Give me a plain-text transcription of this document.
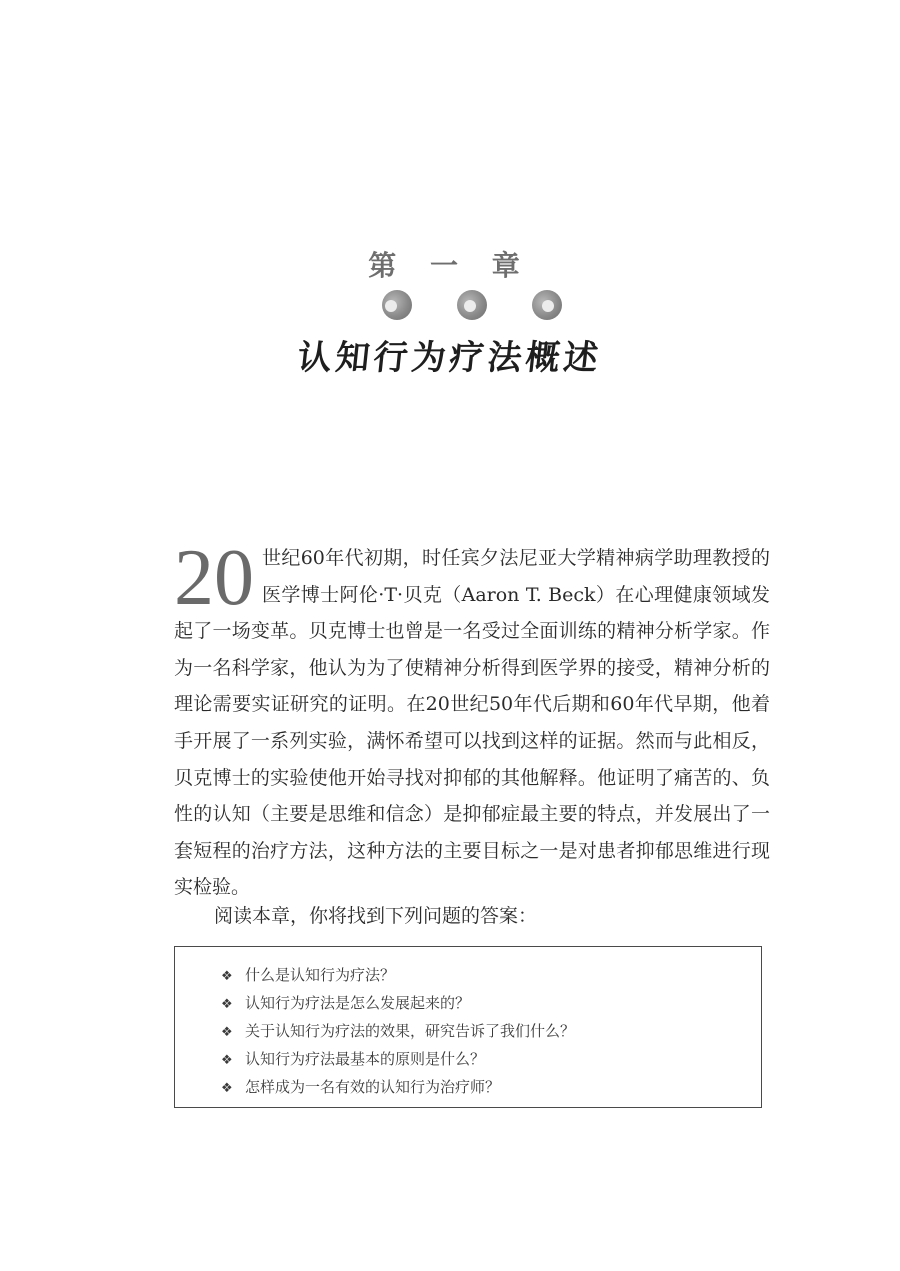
第 一 章
认知行为疗法概述
20 世纪60年代初期，时任宾夕法尼亚大学精神病学助理教授的医学博士阿伦·T·贝克（Aaron T. Beck）在心理健康领域发起了一场变革。贝克博士也曾是一名受过全面训练的精神分析学家。作为一名科学家，他认为为了使精神分析得到医学界的接受，精神分析的理论需要实证研究的证明。在20世纪50年代后期和60年代早期，他着手开展了一系列实验，满怀希望可以找到这样的证据。然而与此相反，贝克博士的实验使他开始寻找对抑郁的其他解释。他证明了痛苦的、负性的认知（主要是思维和信念）是抑郁症最主要的特点，并发展出了一套短程的治疗方法，这种方法的主要目标之一是对患者抑郁思维进行现实检验。
阅读本章，你将找到下列问题的答案：
❖ 什么是认知行为疗法？
❖ 认知行为疗法是怎么发展起来的？
❖ 关于认知行为疗法的效果，研究告诉了我们什么？
❖ 认知行为疗法最基本的原则是什么？
❖ 怎样成为一名有效的认知行为治疗师？
